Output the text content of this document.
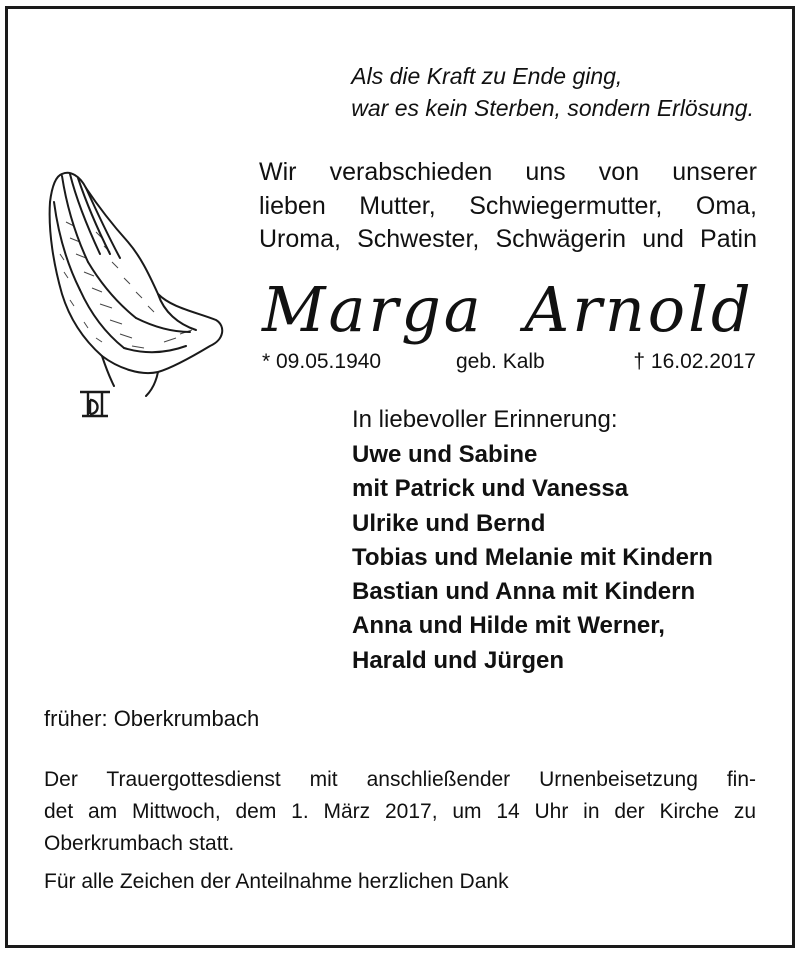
Als die Kraft zu Ende ging,
war es kein Sterben, sondern Erlösung.
Wir verabschieden uns von unserer
lieben Mutter, Schwiegermutter, Oma,
Uroma, Schwester, Schwägerin und Patin
Marga Arnold
* 09.05.1940	geb. Kalb	† 16.02.2017
In liebevoller Erinnerung:
Uwe und Sabine
mit Patrick und Vanessa
Ulrike und Bernd
Tobias und Melanie mit Kindern
Bastian und Anna mit Kindern
Anna und Hilde mit Werner,
Harald und Jürgen
früher: Oberkrumbach
Der Trauergottesdienst mit anschließender Urnenbeisetzung fin-
det am Mittwoch, dem 1. März 2017, um 14 Uhr in der Kirche zu
Oberkrumbach statt.
Für alle Zeichen der Anteilnahme herzlichen Dank
